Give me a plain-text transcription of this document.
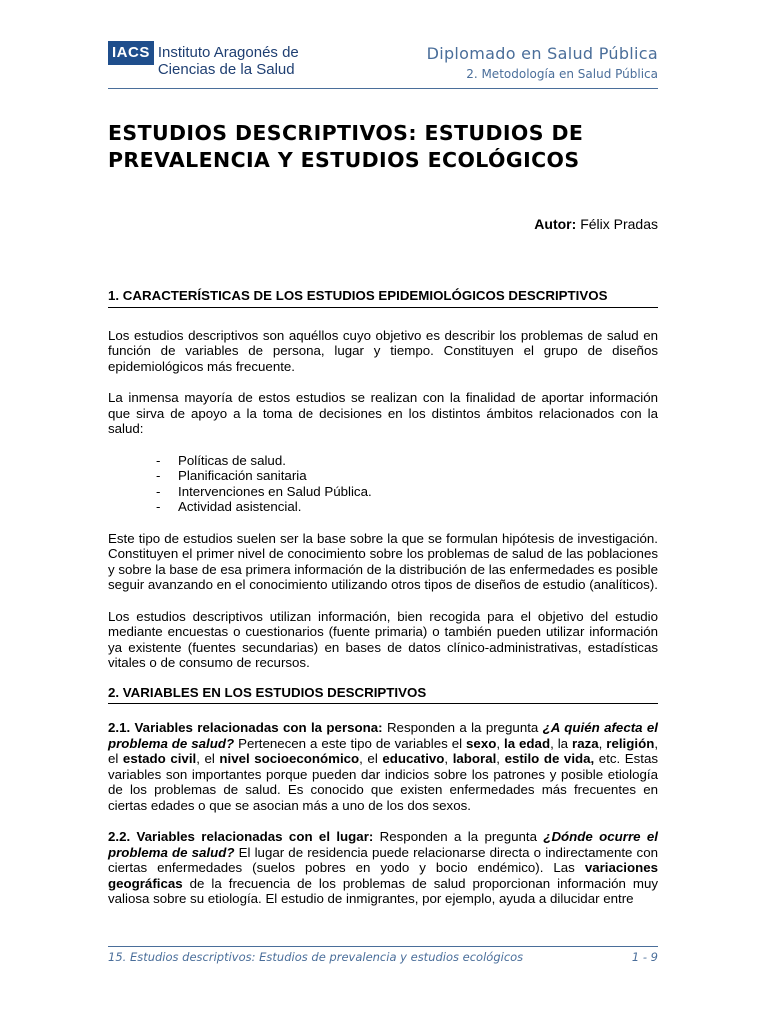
IACS Instituto Aragonés de
Ciencias de la Salud
Diplomado en Salud Pública
2. Metodología en Salud Pública
ESTUDIOS DESCRIPTIVOS: ESTUDIOS DE
PREVALENCIA Y ESTUDIOS ECOLÓGICOS
Autor: Félix Pradas
1. CARACTERÍSTICAS DE LOS ESTUDIOS EPIDEMIOLÓGICOS DESCRIPTIVOS

Los estudios descriptivos son aquéllos cuyo objetivo es describir los problemas de salud en función de variables de persona, lugar y tiempo. Constituyen el grupo de diseños epidemiológicos más frecuente.

La inmensa mayoría de estos estudios se realizan con la finalidad de aportar información que sirva de apoyo a la toma de decisiones en los distintos ámbitos relacionados con la salud:

- Políticas de salud.
- Planificación sanitaria
- Intervenciones en Salud Pública.
- Actividad asistencial.

Este tipo de estudios suelen ser la base sobre la que se formulan hipótesis de investigación. Constituyen el primer nivel de conocimiento sobre los problemas de salud de las poblaciones y sobre la base de esa primera información de la distribución de las enfermedades es posible seguir avanzando en el conocimiento utilizando otros tipos de diseños de estudio (analíticos).

Los estudios descriptivos utilizan información, bien recogida para el objetivo del estudio mediante encuestas o cuestionarios (fuente primaria) o también pueden utilizar información ya existente (fuentes secundarias) en bases de datos clínico-administrativas, estadísticas vitales o de consumo de recursos.

2. VARIABLES EN LOS ESTUDIOS DESCRIPTIVOS

2.1. Variables relacionadas con la persona: Responden a la pregunta ¿A quién afecta el problema de salud? Pertenecen a este tipo de variables el sexo, la edad, la raza, religión, el estado civil, el nivel socioeconómico, el educativo, laboral, estilo de vida, etc. Estas variables son importantes porque pueden dar indicios sobre los patrones y posible etiología de los problemas de salud. Es conocido que existen enfermedades más frecuentes en ciertas edades o que se asocian más a uno de los dos sexos.

2.2. Variables relacionadas con el lugar: Responden a la pregunta ¿Dónde ocurre el problema de salud? El lugar de residencia puede relacionarse directa o indirectamente con ciertas enfermedades (suelos pobres en yodo y bocio endémico). Las variaciones geográficas de la frecuencia de los problemas de salud proporcionan información muy valiosa sobre su etiología. El estudio de inmigrantes, por ejemplo, ayuda a dilucidar entre

15. Estudios descriptivos: Estudios de prevalencia y estudios ecológicos	1 - 9
